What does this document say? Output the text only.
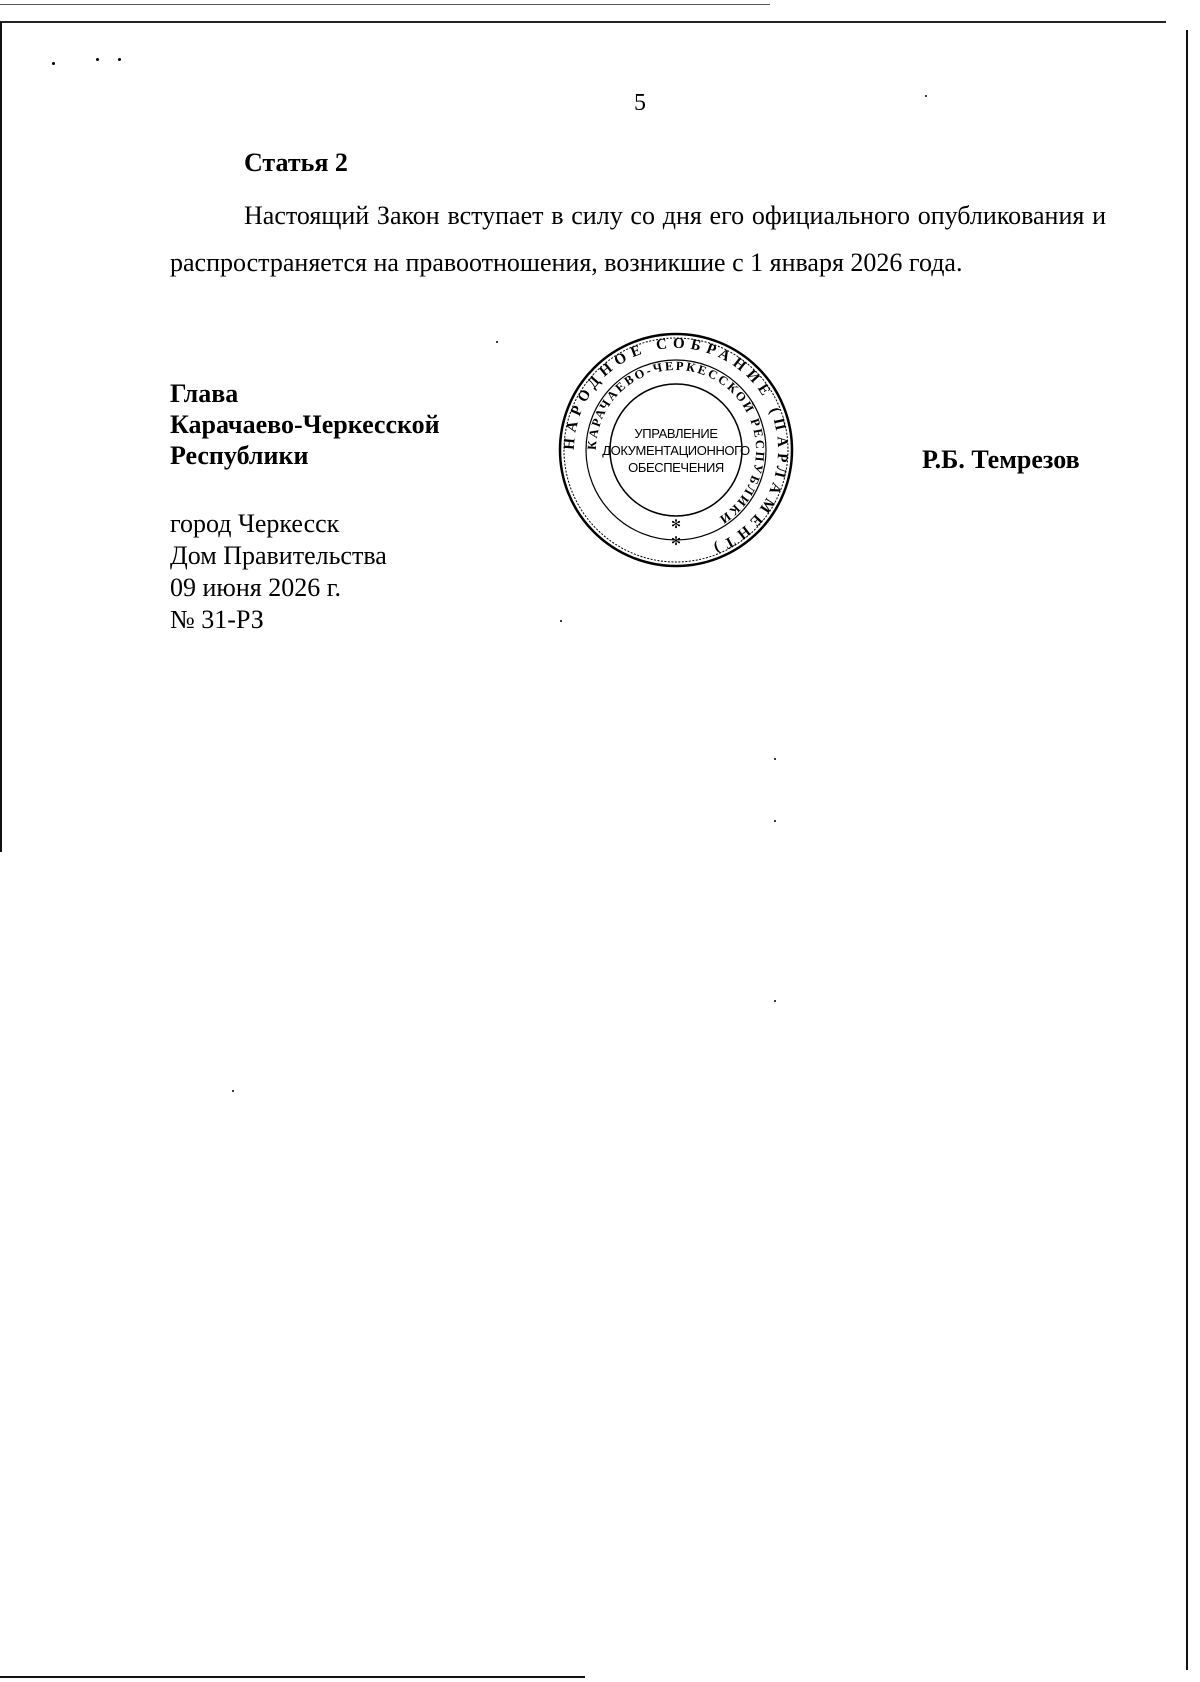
5
Статья 2
Настоящий Закон вступает в силу со дня его официального опубликования и распространяется на правоотношения, возникшие с 1 января 2026 года.
Глава
Карачаево-Черкесской
Республики	НАРОДНОЕ СОБРАНИЕ (ПАРЛАМЕНТ)
КАРАЧАЕВО-ЧЕРКЕССКОЙ РЕСПУБЛИКИ
✻
✻
УПРАВЛЕНИЕ
ДОКУМЕНТАЦИОННОГО
ОБЕСПЕЧЕНИЯ	Р.Б. Темрезов
город Черкесск
Дом Правительства
09 июня 2026 г.
№ 31-РЗ
